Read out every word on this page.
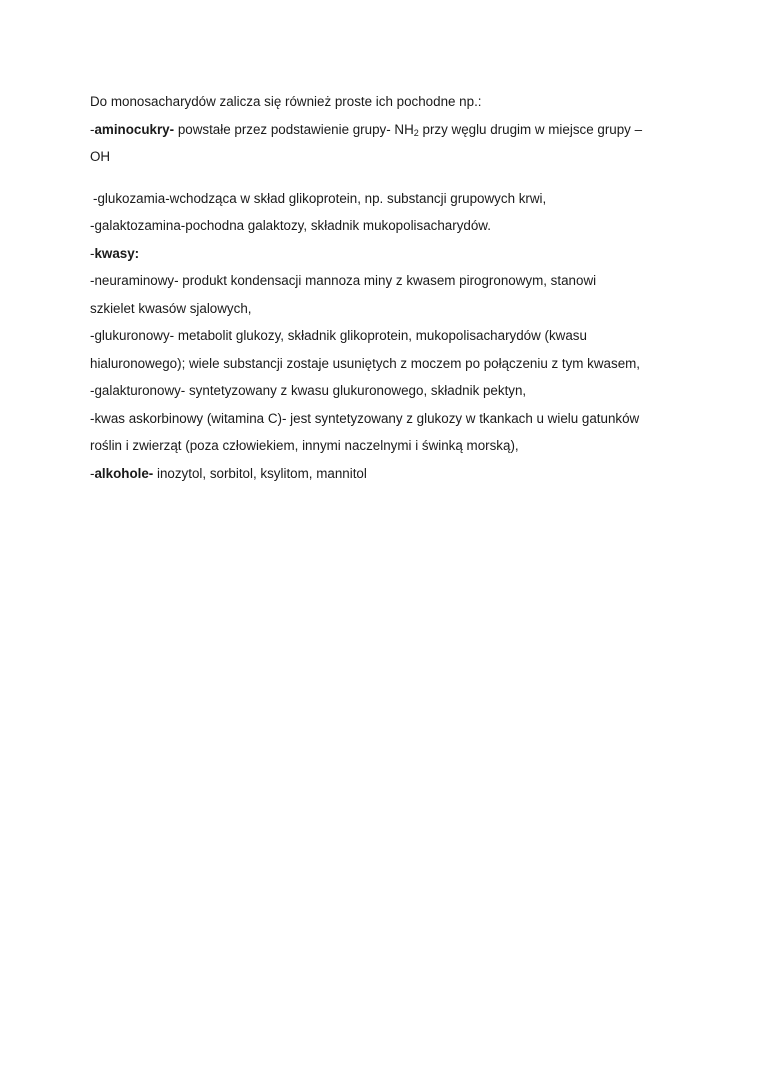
Do monosacharydów zalicza się również proste ich pochodne np.:
-aminocukry- powstałe przez podstawienie grupy- $NH_2$ przy węglu drugim w miejsce grupy –
OH
-glukozamia-wchodząca w skład glikoprotein, np. substancji grupowych krwi,
-galaktozamina-pochodna galaktozy, składnik mukopolisacharydów.
-kwasy:
-neuraminowy- produkt kondensacji mannoza miny z kwasem pirogronowym, stanowi
szkielet kwasów sjalowych,
-glukuronowy- metabolit glukozy, składnik glikoprotein, mukopolisacharydów (kwasu
hialuronowego); wiele substancji zostaje usuniętych z moczem po połączeniu z tym kwasem,
-galakturonowy- syntetyzowany z kwasu glukuronowego, składnik pektyn,
-kwas askorbinowy (witamina C)- jest syntetyzowany z glukozy w tkankach u wielu gatunków
roślin i zwierząt (poza człowiekiem, innymi naczelnymi i świnką morską),
-alkohole- inozytol, sorbitol, ksylitom, mannitol
